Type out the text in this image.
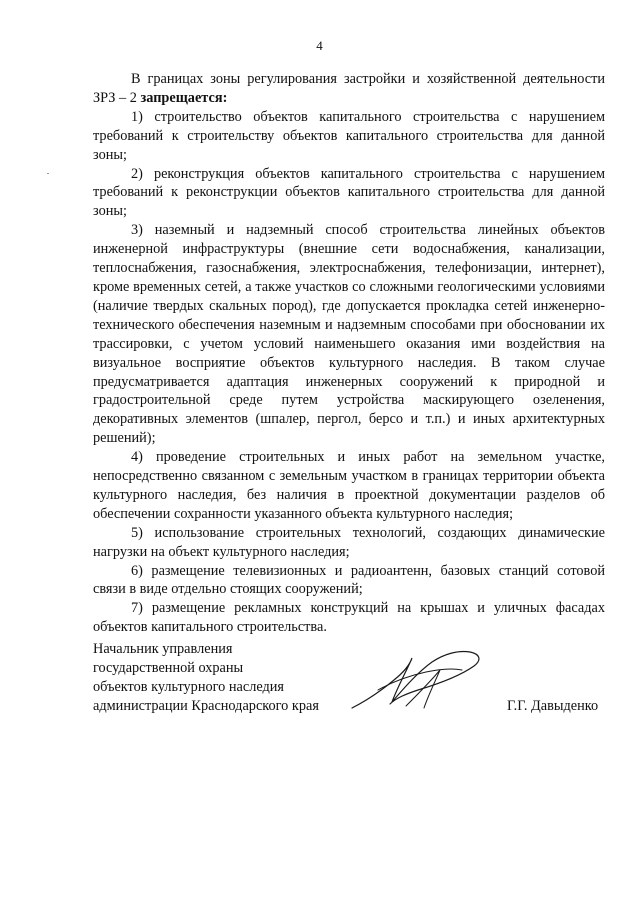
4

В границах зоны регулирования застройки и хозяйственной деятельности ЗРЗ – 2 запрещается:

1) строительство объектов капитального строительства с нарушением требований к строительству объектов капитального строительства для данной зоны;

2) реконструкция объектов капитального строительства с нарушением требований к реконструкции объектов капитального строительства для данной зоны;

3) наземный и надземный способ строительства линейных объектов инженерной инфраструктуры (внешние сети водоснабжения, канализации, теплоснабжения, газоснабжения, электроснабжения, телефонизации, интернет), кроме временных сетей, а также участков со сложными геологическими условиями (наличие твердых скальных пород), где допускается прокладка сетей инженерно-технического обеспечения наземным и надземным способами при обосновании их трассировки, с учетом условий наименьшего оказания ими воздействия на визуальное восприятие объектов культурного наследия. В таком случае предусматривается адаптация инженерных сооружений к природной и градостроительной среде путем устройства маскирующего озеленения, декоративных элементов (шпалер, пергол, берсо и т.п.) и иных архитектурных решений);

4) проведение строительных и иных работ на земельном участке, непосредственно связанном с земельным участком в границах территории объекта культурного наследия, без наличия в проектной документации разделов об обеспечении сохранности указанного объекта культурного наследия;

5) использование строительных технологий, создающих динамические нагрузки на объект культурного наследия;

6) размещение телевизионных и радиоантенн, базовых станций сотовой связи в виде отдельно стоящих сооружений;

7) размещение рекламных конструкций на крышах и уличных фасадах объектов капитального строительства.

Начальник управления
государственной охраны
объектов культурного наследия
администрации Краснодарского края	Г.Г. Давыденко
